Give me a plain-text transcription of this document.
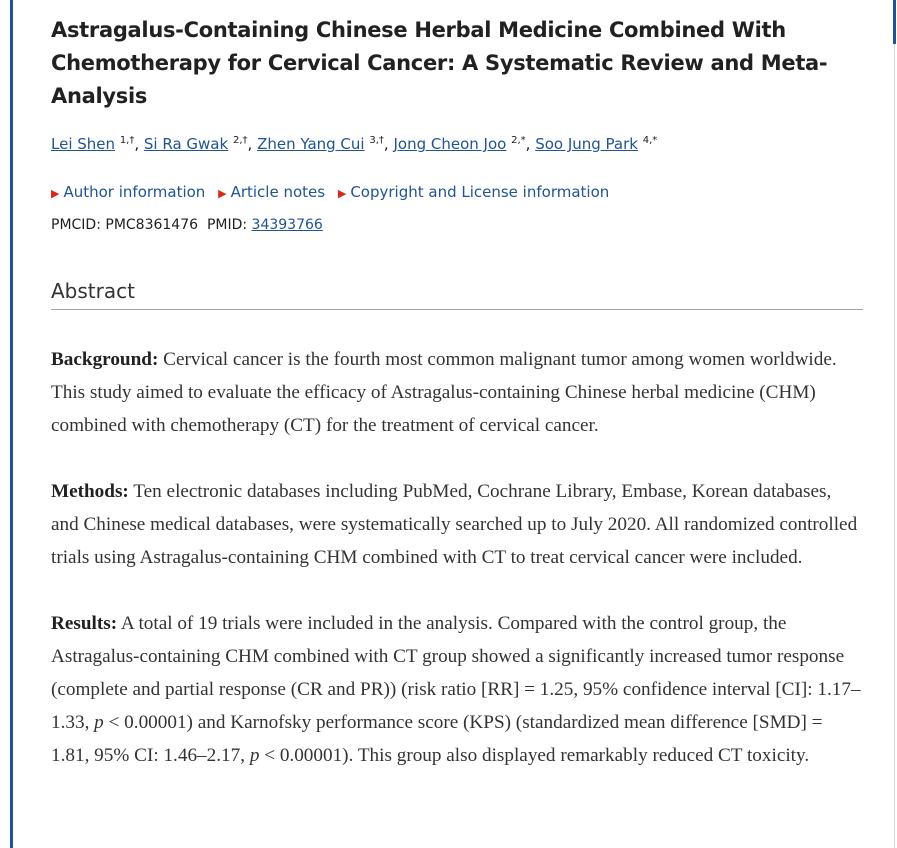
Astragalus-Containing Chinese Herbal Medicine Combined With Chemotherapy for Cervical Cancer: A Systematic Review and Meta-Analysis
Lei Shen $^{1,\dagger}$, Si Ra Gwak $^{2,\dagger}$, Zhen Yang Cui $^{3,\dagger}$, Jong Cheon Joo $^{2,*}$, Soo Jung Park $^{4,*}$
▶ Author information ▶ Article notes ▶ Copyright and License information
PMCID: PMC8361476 PMID: 34393766
Abstract

Background: Cervical cancer is the fourth most common malignant tumor among women worldwide. This study aimed to evaluate the efficacy of Astragalus-containing Chinese herbal medicine (CHM) combined with chemotherapy (CT) for the treatment of cervical cancer.

Methods: Ten electronic databases including PubMed, Cochrane Library, Embase, Korean databases, and Chinese medical databases, were systematically searched up to July 2020. All randomized controlled trials using Astragalus-containing CHM combined with CT to treat cervical cancer were included.

Results: A total of 19 trials were included in the analysis. Compared with the control group, the Astragalus-containing CHM combined with CT group showed a significantly increased tumor response (complete and partial response (CR and PR)) (risk ratio [RR] = 1.25, 95% confidence interval [CI]: 1.17–1.33, p < 0.00001) and Karnofsky performance score (KPS) (standardized mean difference [SMD] = 1.81, 95% CI: 1.46–2.17, p < 0.00001). This group also displayed remarkably reduced CT toxicity.
